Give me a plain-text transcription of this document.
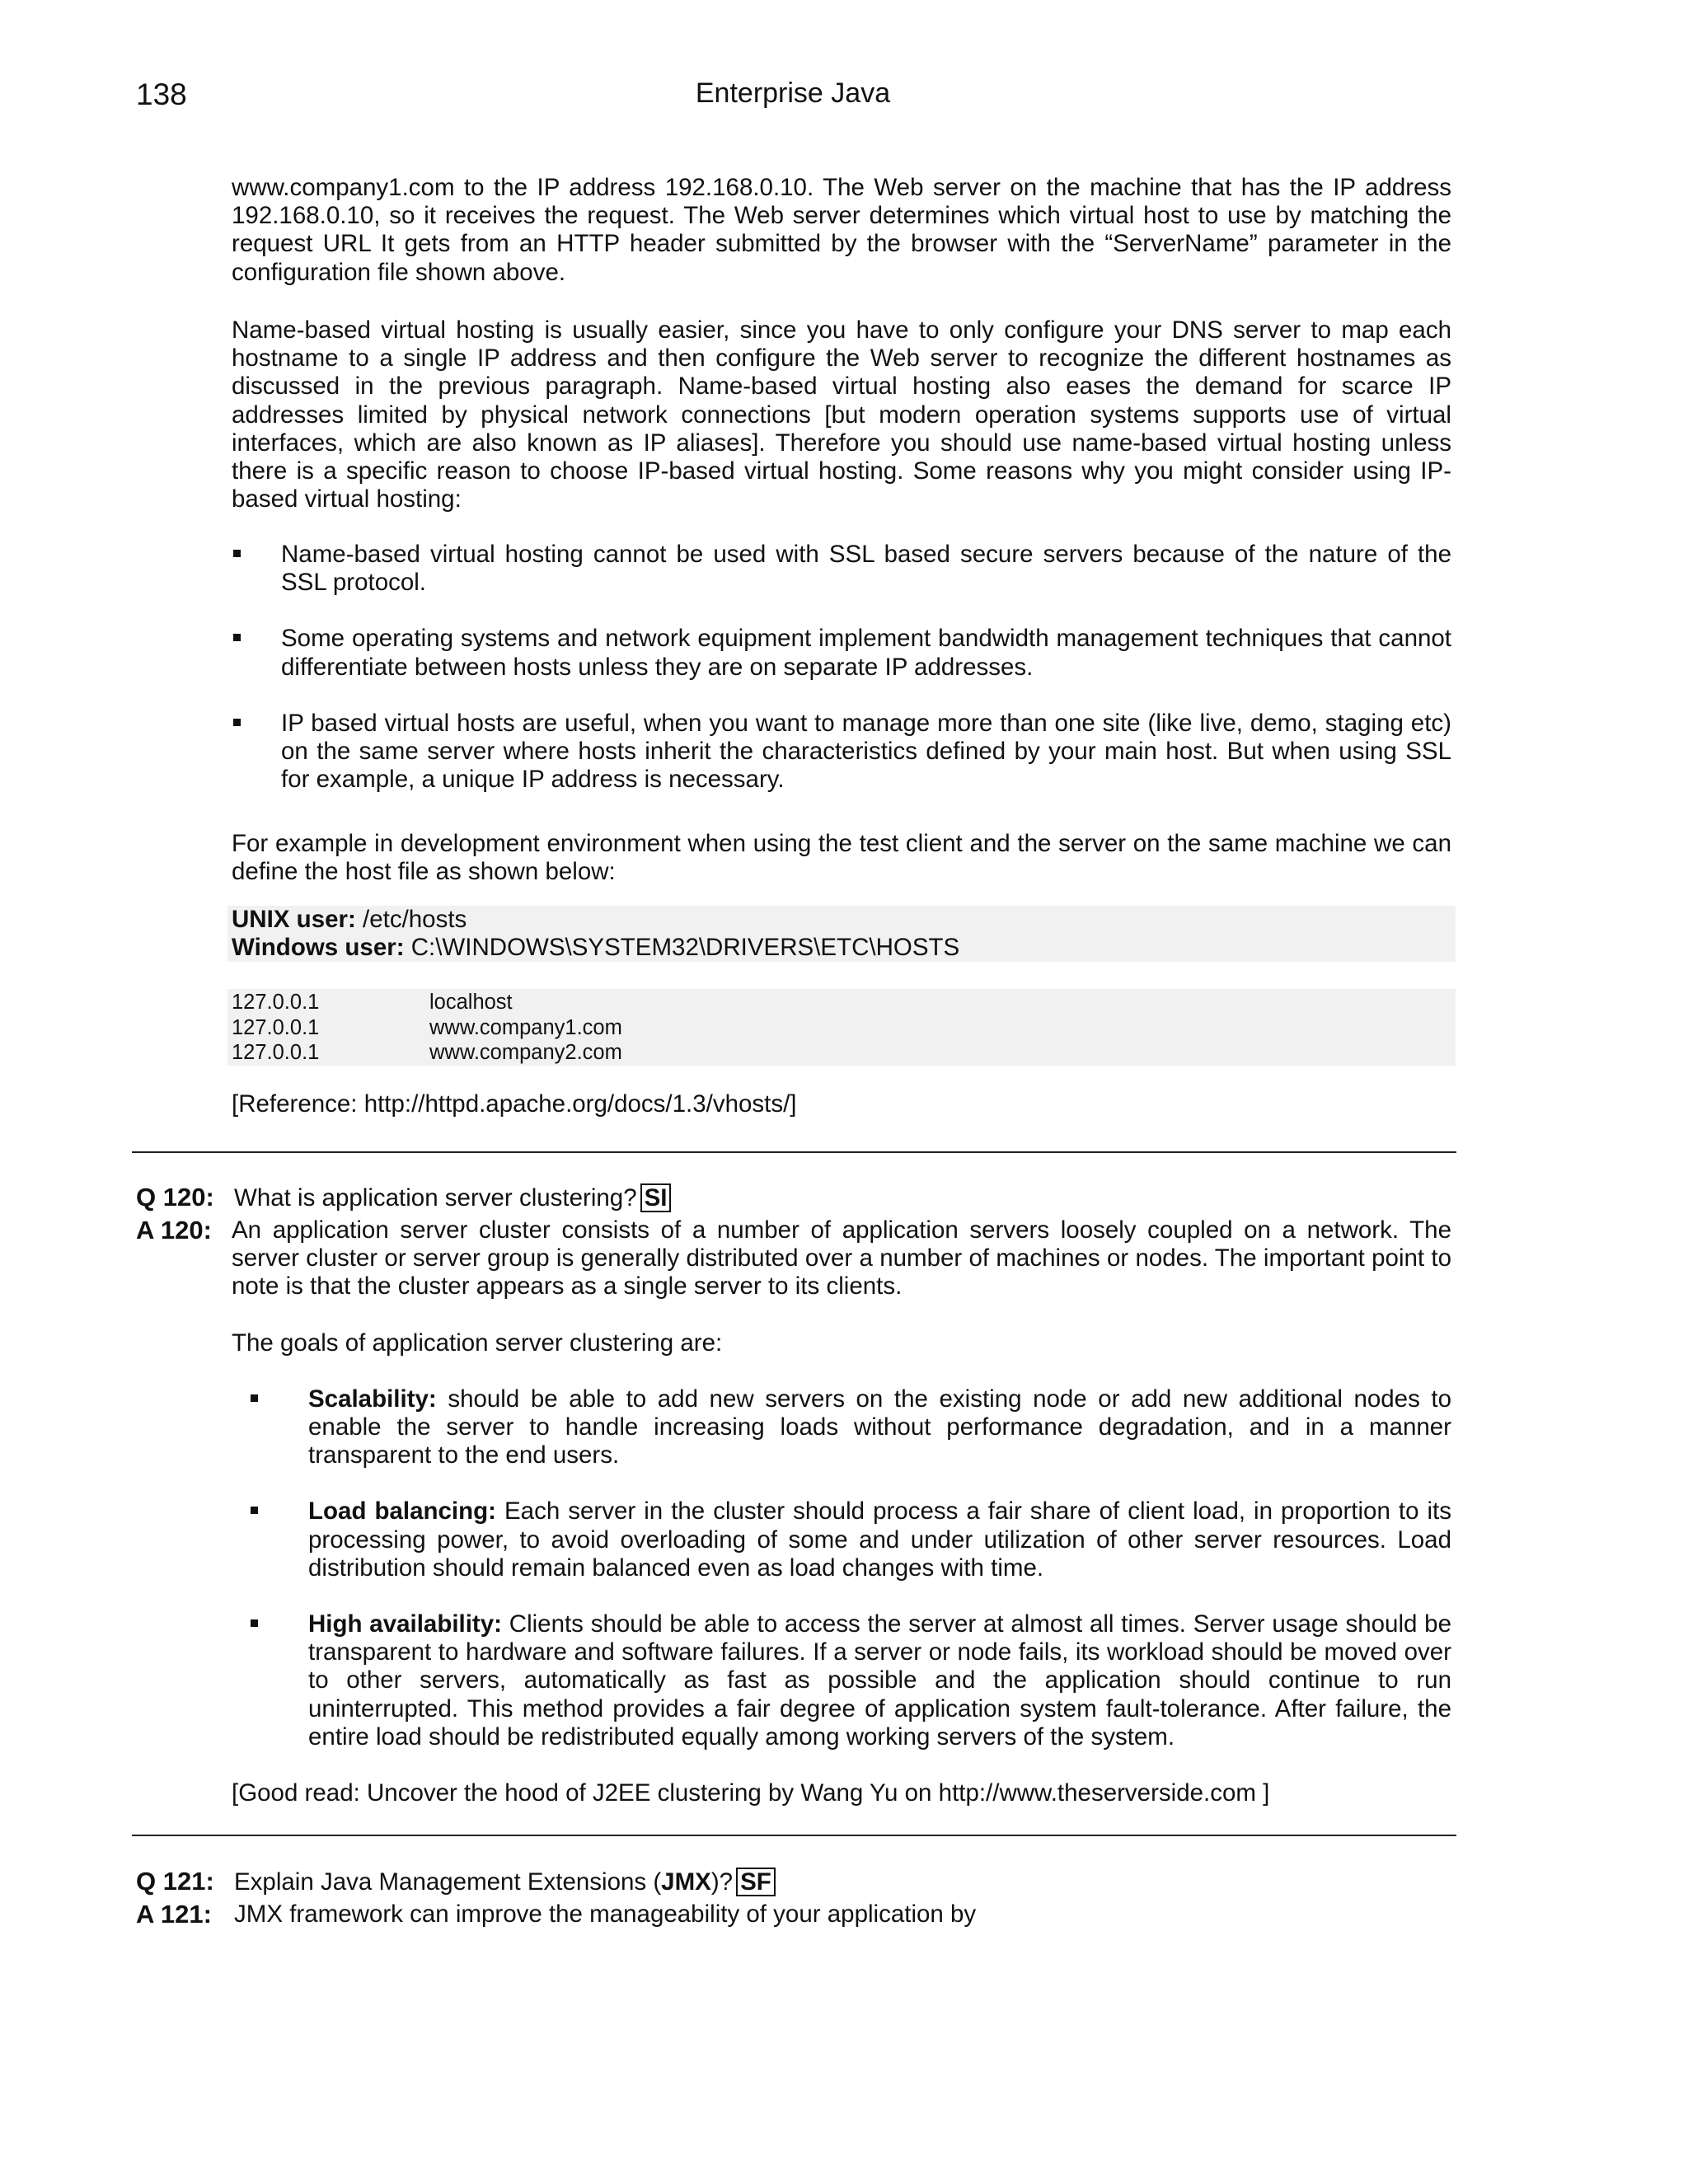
138	Enterprise Java

www.company1.com to the IP address 192.168.0.10. The Web server on the machine that has the IP address 192.168.0.10, so it receives the request. The Web server determines which virtual host to use by matching the request URL It gets from an HTTP header submitted by the browser with the “ServerName” parameter in the configuration file shown above.

Name-based virtual hosting is usually easier, since you have to only configure your DNS server to map each hostname to a single IP address and then configure the Web server to recognize the different hostnames as discussed in the previous paragraph. Name-based virtual hosting also eases the demand for scarce IP addresses limited by physical network connections [but modern operation systems supports use of virtual interfaces, which are also known as IP aliases]. Therefore you should use name-based virtual hosting unless there is a specific reason to choose IP-based virtual hosting. Some reasons why you might consider using IP-based virtual hosting:

Name-based virtual hosting cannot be used with SSL based secure servers because of the nature of the SSL protocol.
Some operating systems and network equipment implement bandwidth management techniques that cannot differentiate between hosts unless they are on separate IP addresses.
IP based virtual hosts are useful, when you want to manage more than one site (like live, demo, staging etc) on the same server where hosts inherit the characteristics defined by your main host. But when using SSL for example, a unique IP address is necessary.

For example in development environment when using the test client and the server on the same machine we can define the host file as shown below:

UNIX user: /etc/hosts
Windows user: C:\WINDOWS\SYSTEM32\DRIVERS\ETC\HOSTS
127.0.0.1	localhost
127.0.0.1	www.company1.com
127.0.0.1	www.company2.com

[Reference: http://httpd.apache.org/docs/1.3/vhosts/]

Q 120: What is application server clustering? SI
A 120: An application server cluster consists of a number of application servers loosely coupled on a network. The server cluster or server group is generally distributed over a number of machines or nodes. The important point to note is that the cluster appears as a single server to its clients.

The goals of application server clustering are:

Scalability: should be able to add new servers on the existing node or add new additional nodes to enable the server to handle increasing loads without performance degradation, and in a manner transparent to the end users.
Load balancing: Each server in the cluster should process a fair share of client load, in proportion to its processing power, to avoid overloading of some and under utilization of other server resources. Load distribution should remain balanced even as load changes with time.
High availability: Clients should be able to access the server at almost all times. Server usage should be transparent to hardware and software failures. If a server or node fails, its workload should be moved over to other servers, automatically as fast as possible and the application should continue to run uninterrupted. This method provides a fair degree of application system fault-tolerance. After failure, the entire load should be redistributed equally among working servers of the system.

[Good read: Uncover the hood of J2EE clustering by Wang Yu on http://www.theserverside.com ]

Q 121: Explain Java Management Extensions (JMX)? SF
A 121: JMX framework can improve the manageability of your application by
